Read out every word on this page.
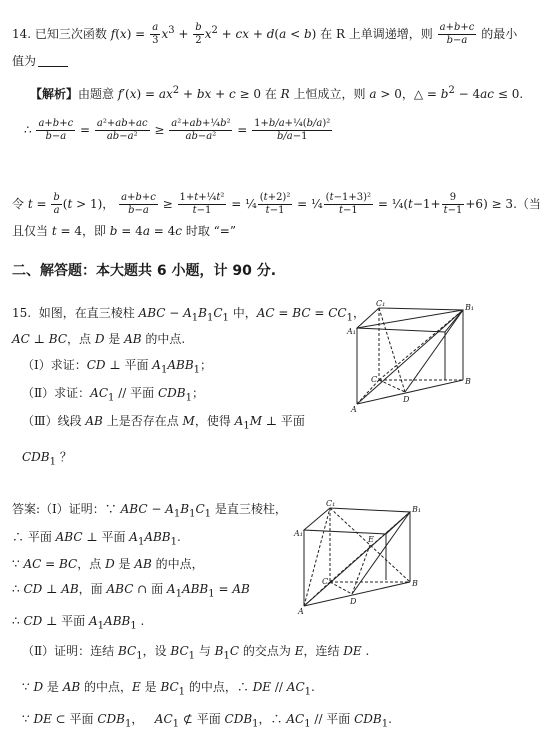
14. 已知三次函数 $f(x) = \frac{a}{3} x^3 + \frac{b}{2} x^2$ + cx + d(a < b) 在 R 上单调递增，则 $\frac{a+b+c}{b-a}$ 的最小
值为
【解析】由题意 $f'(x) = ax^2$ + bx + c ≥ 0 在 R 上恒成立，则 a > 0，△ = $b^2 - 4ac \le 0$.
∴ $\frac{a+b+c}{b-a} = \frac{\text{a²+ab+ac}}{\text{ab−a²}} \ge \frac{\text{a²+ab+¼b²}}{\text{ab−a²}} = \frac{\text{1+b/a+¼(b/a)²}}{b/a-1}$
令 $t = \frac{b}{a} (t > 1)$， $\frac{a+b+c}{b-a} \ge \frac{\text{1+t+¼t²}}{t-1}$ = ¼ $\frac{\text{(t+2)²}}{t-1}$ = ¼ $\frac{\text{(t−1+3)²}}{t-1}$ = ¼(t−1+ $\frac{9}{t-1} +6) \ge 3$.（当
且仅当 t = 4，即 b = 4a = 4c 时取 “=”
二、解答题：本大题共 6 小题，计 90 分.
15.  如图，在直三棱柱 ABC − $A_1B_1C_1$ 中，AC = BC = $CC_1$，
AC ⊥ BC，点 D 是 AB 的中点.
（Ⅰ）求证：CD ⊥ 平面 $A_1ABB_1$；
（Ⅱ）求证：$AC_1$ // 平面 $CDB_1$；
（Ⅲ）线段 AB 上是否存在点 M，使得 $A_1M$ ⊥ 平面
$CDB_1$ ？
C₁	B₁
A₁
C	B
A
D
答案:（Ⅰ）证明：∵ ABC − $A_1B_1C_1$ 是直三棱柱，
∴ 平面 ABC ⊥ 平面 $A_1ABB_1$.
∵ AC = BC，点 D 是 AB 的中点，
∴ CD ⊥ AB，面 ABC ∩ 面 $A_1ABB_1$ = AB
∴ CD ⊥ 平面 $A_1ABB_1$ .
（Ⅱ）证明：连结 $BC_1$，设 $BC_1$ 与 $B_1C$ 的交点为 E，连结 DE .
∵ D 是 AB 的中点，E 是 $BC_1$ 的中点，∴ DE // $AC_1$.
∵ DE ⊂ 平面 $CDB_1$，   $AC_1$ ⊄ 平面 $CDB_1$，∴ $AC_1$ // 平面 $CDB_1$.
C₁
B₁
A₁
E
C	B
A
D
